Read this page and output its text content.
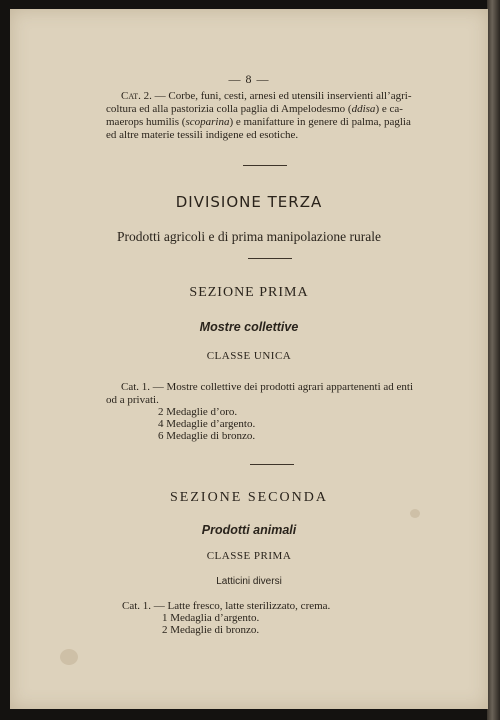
— 8 —
Cat. 2. — Corbe, funi, cesti, arnesi ed utensili inservienti all’agri-
coltura ed alla pastorizia colla paglia di Ampelodesmo (ddisa) e ca-
maerops humilis (scoparina) e manifatture in genere di palma, paglia
ed altre materie tessili indigene ed esotiche.
DIVISIONE TERZA
Prodotti agricoli e di prima manipolazione rurale
SEZIONE PRIMA
Mostre collettive
CLASSE UNICA
Cat. 1. — Mostre collettive dei prodotti agrari appartenenti ad enti
od a privati.
2 Medaglie d’oro.
4 Medaglie d’argento.
6 Medaglie di bronzo.
SEZIONE SECONDA
Prodotti animali
CLASSE PRIMA
Latticini diversi
Cat. 1. — Latte fresco, latte sterilizzato, crema.
1 Medaglia d’argento.
2 Medaglie di bronzo.
